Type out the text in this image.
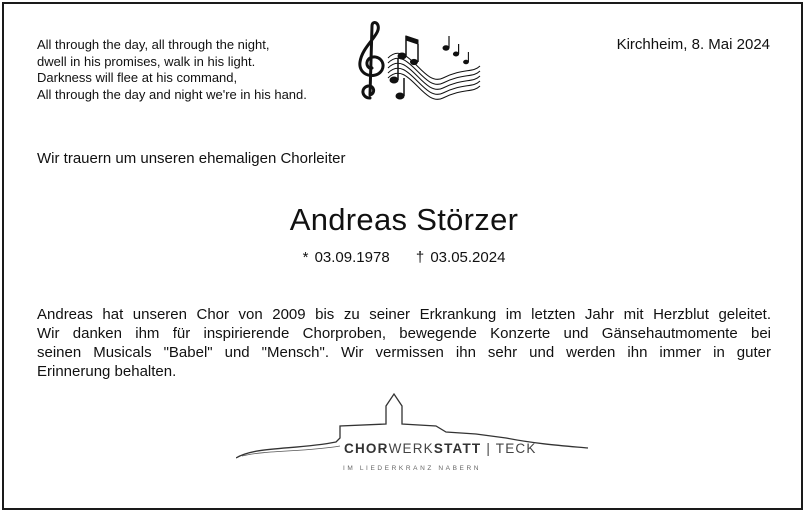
All through the day, all through the night,
dwell in his promises, walk in his light.
Darkness will flee at his command,
All through the day and night we're in his hand.
Kirchheim, 8. Mai 2024
Wir trauern um unseren ehemaligen Chorleiter
Andreas Störzer
* 03.09.1978 † 03.05.2024
Andreas hat unseren Chor von 2009 bis zu seiner Erkrankung im letzten Jahr mit Herzblut geleitet.
Wir danken ihm für inspirierende Chorproben, bewegende Konzerte und Gänsehautmomente bei
seinen Musicals "Babel" und "Mensch". Wir vermissen ihn sehr und werden ihn immer in guter
Erinnerung behalten.
CHORWERKSTATT | TECK
IM LIEDERKRANZ NABERN
